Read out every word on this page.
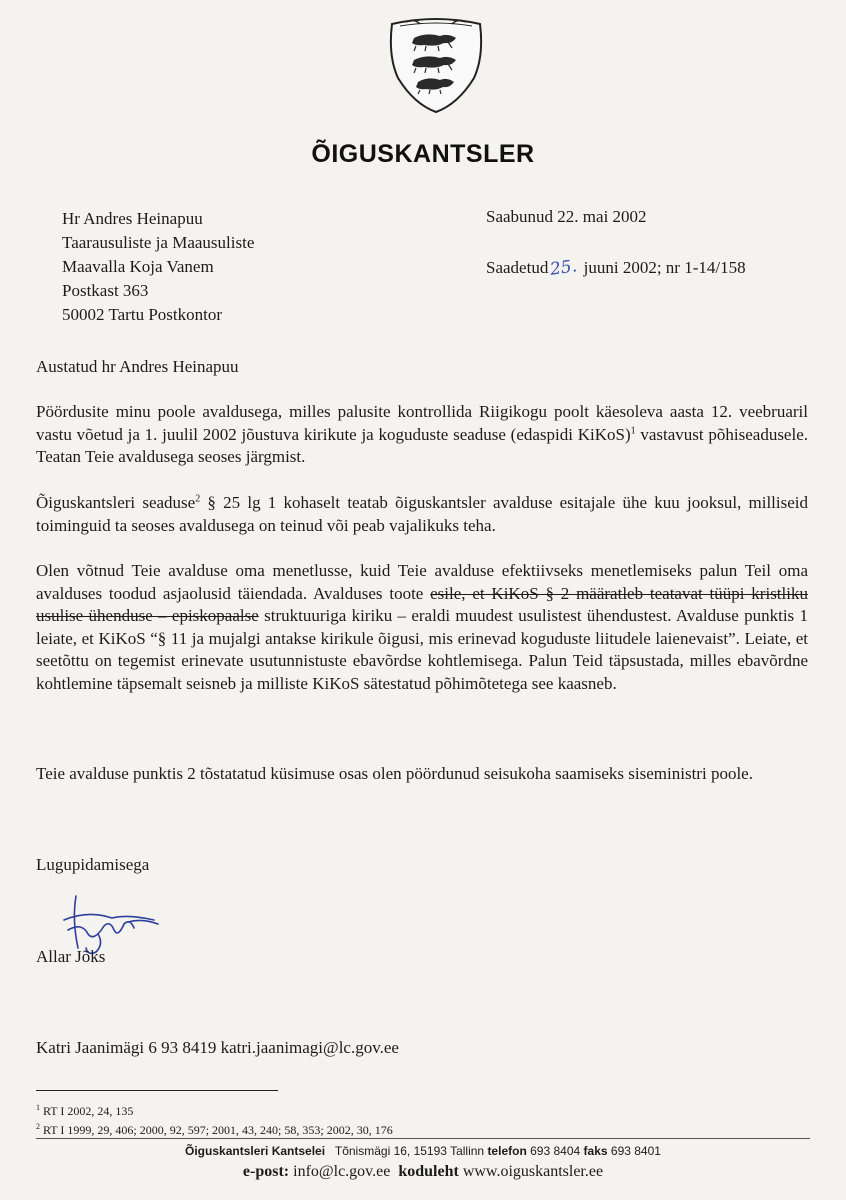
ÕIGUSKANTSLER
Hr Andres Heinapuu
Taarausuliste ja Maausuliste
Maavalla Koja Vanem
Postkast 363
50002 Tartu Postkontor
Saabunud 22. mai 2002
Saadetud25. juuni 2002; nr 1-14/158
Austatud hr Andres Heinapuu
Pöördusite minu poole avaldusega, milles palusite kontrollida Riigikogu poolt käesoleva aasta 12. veebruaril vastu võetud ja 1. juulil 2002 jõustuva kirikute ja koguduste seaduse (edaspidi KiKoS)$^1$ vastavust põhiseadusele. Teatan Teie avaldusega seoses järgmist.
Õiguskantsleri seaduse$^2$ § 25 lg 1 kohaselt teatab õiguskantsler avalduse esitajale ühe kuu jooksul, milliseid toiminguid ta seoses avaldusega on teinud või peab vajalikuks teha.
Olen võtnud Teie avalduse oma menetlusse, kuid Teie avalduse efektiivseks menetlemiseks palun Teil oma avalduses toodud asjaolusid täiendada. Avalduses toote esile, et KiKoS § 2 määratleb teatavat tüüpi kristliku usulise ühenduse – episkopaalse struktuuriga kiriku – eraldi muudest usulistest ühendustest. Avalduse punktis 1 leiate, et KiKoS “§ 11 ja mujalgi antakse kirikule õigusi, mis erinevad koguduste liitudele laienevaist”. Leiate, et seetõttu on tegemist erinevate usutunnistuste ebavõrdse kohtlemisega. Palun Teid täpsustada, milles ebavõrdne kohtlemine täpsemalt seisneb ja milliste KiKoS sätestatud põhimõtetega see kaasneb.
Teie avalduse punktis 2 tõstatatud küsimuse osas olen pöördunud seisukoha saamiseks siseministri poole.
Lugupidamisega
Allar Jõks
Katri Jaanimägi 6 93 8419 katri.jaanimagi@lc.gov.ee
$^1$ RT I 2002, 24, 135
$^2$ RT I 1999, 29, 406; 2000, 92, 597; 2001, 43, 240; 58, 353; 2002, 30, 176
Õiguskantsleri Kantselei Tõnismägi 16, 15193 Tallinn telefon 693 8404 faks 693 8401
e-post: info@lc.gov.ee koduleht www.oiguskantsler.ee
